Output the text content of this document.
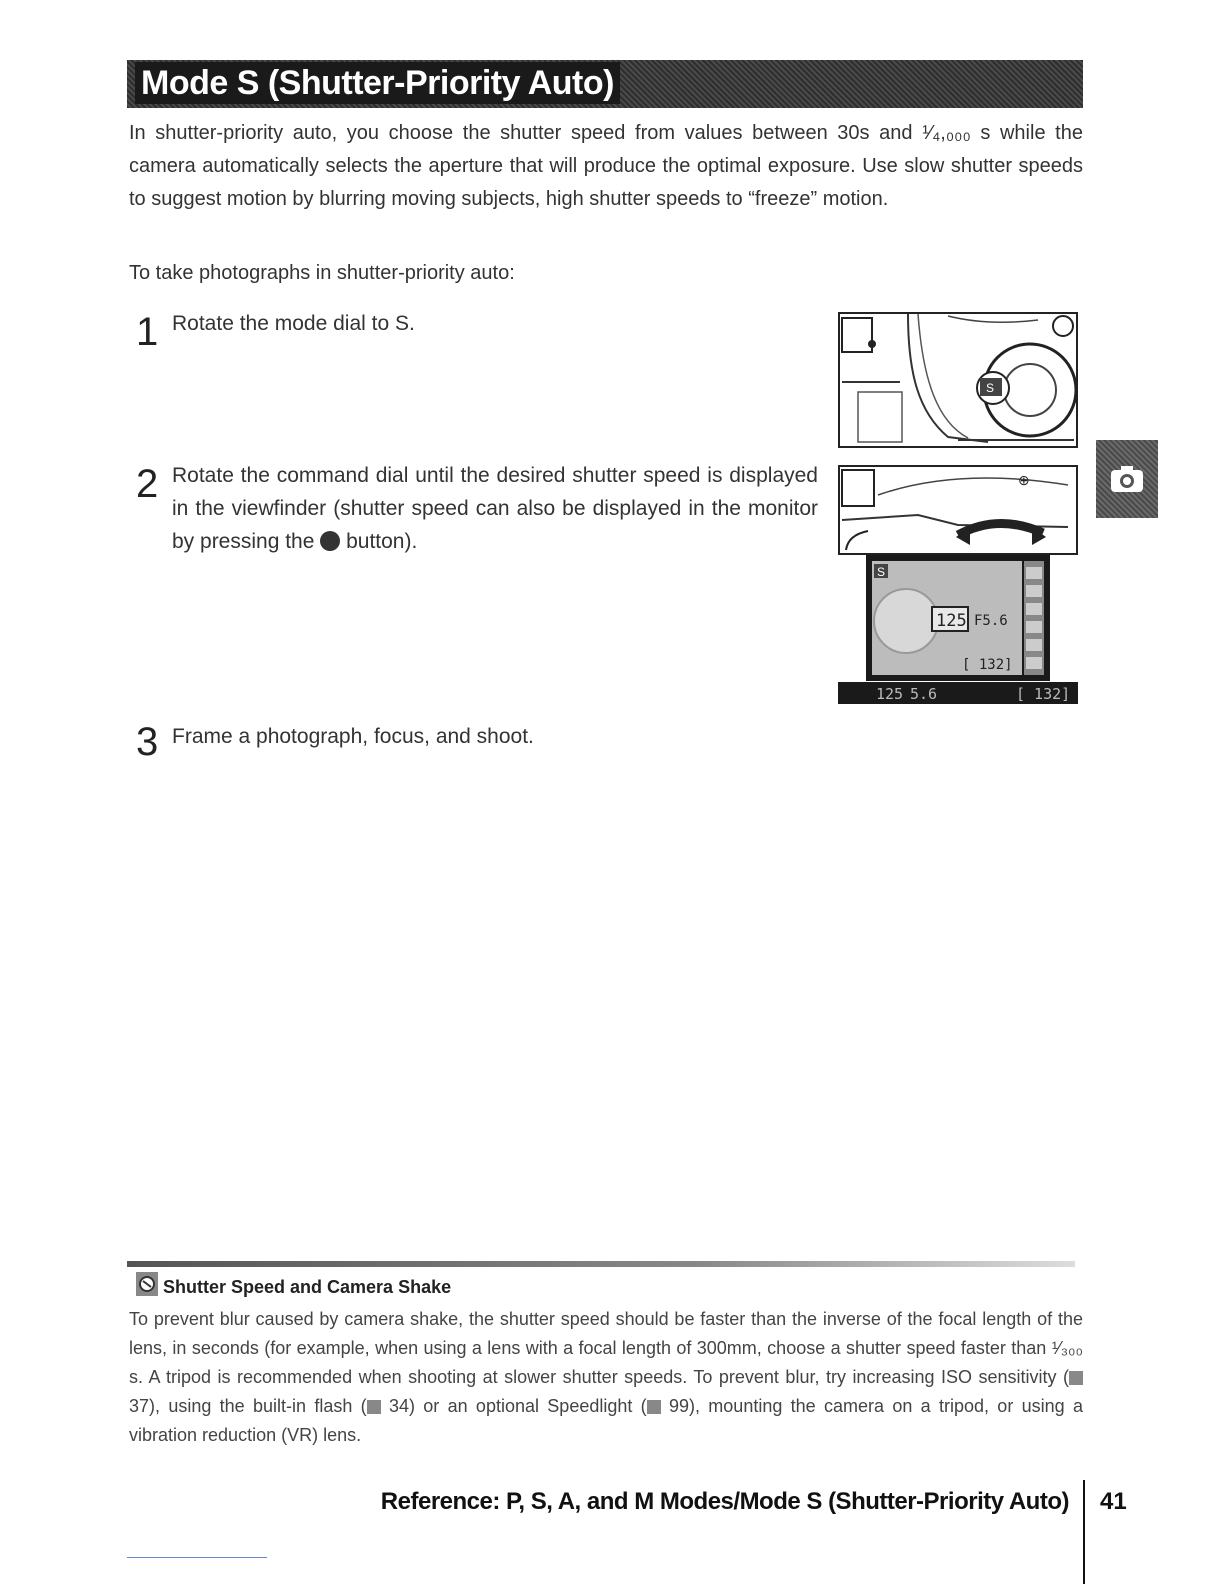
Mode S (Shutter-Priority Auto)

In shutter-priority auto, you choose the shutter speed from values between 30s and ¹⁄₄,₀₀₀ s while the camera automatically selects the aperture that will produce the optimal exposure. Use slow shutter speeds to suggest motion by blurring moving subjects, high shutter speeds to “freeze” motion.

To take photographs in shutter-priority auto:

1 Rotate the mode dial to S.

2 Rotate the command dial until the desired shutter speed is displayed in the viewfinder (shutter speed can also be displayed in the monitor by pressing the  button).

3 Frame a photograph, focus, and shoot.

S
⊕
S
125 F5.6
[ 132]
125 5.6	[ 132]
Shutter Speed and Camera Shake

To prevent blur caused by camera shake, the shutter speed should be faster than the inverse of the focal length of the lens, in seconds (for example, when using a lens with a focal length of 300mm, choose a shutter speed faster than ¹⁄₃₀₀ s. A tripod is recommended when shooting at slower shutter speeds. To prevent blur, try increasing ISO sensitivity ( 37), using the built-in flash ( 34) or an optional Speedlight ( 99), mounting the camera on a tripod, or using a vibration reduction (VR) lens.

Reference: P, S, A, and M Modes/Mode S (Shutter-Priority Auto) 41
